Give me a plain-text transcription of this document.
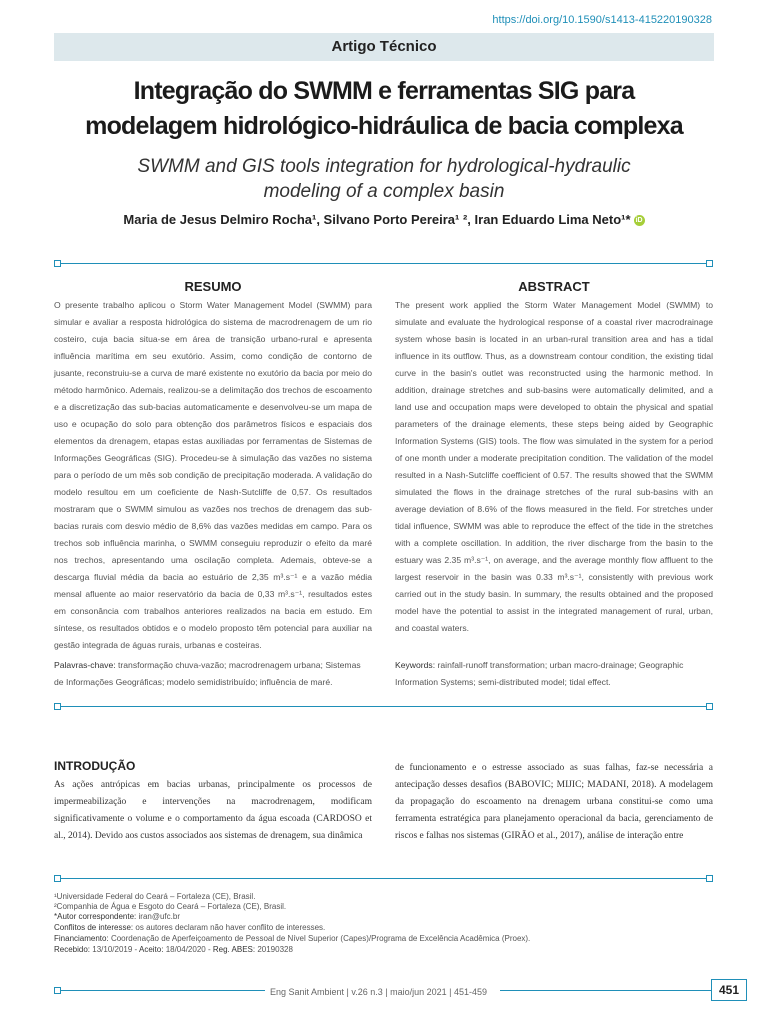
https://doi.org/10.1590/s1413-415220190328
Artigo Técnico
Integração do SWMM e ferramentas SIG para
modelagem hidrológico-hidráulica de bacia complexa
SWMM and GIS tools integration for hydrological-hydraulic
modeling of a complex basin
Maria de Jesus Delmiro Rocha¹, Silvano Porto Pereira¹ ², Iran Eduardo Lima Neto¹* iD
RESUMO

O presente trabalho aplicou o Storm Water Management Model (SWMM) para simular e avaliar a resposta hidrológica do sistema de macrodrenagem de um rio costeiro, cuja bacia situa-se em área de transição urbano-rural e apresenta influência marítima em seu exutório. Assim, como condição de contorno de jusante, reconstruiu-se a curva de maré existente no exutório da bacia por meio do método harmônico. Ademais, realizou-se a delimitação dos trechos de escoamento e a discretização das sub-bacias automaticamente e desenvolveu-se um mapa de uso e ocupação do solo para obtenção dos parâmetros físicos e espaciais dos elementos da drenagem, etapas estas auxiliadas por ferramentas de Sistemas de Informações Geográficas (SIG). Procedeu-se à simulação das vazões no sistema para o período de um mês sob condição de precipitação moderada. A validação do modelo resultou em um coeficiente de Nash-Sutcliffe de 0,57. Os resultados mostraram que o SWMM simulou as vazões nos trechos de drenagem das sub-bacias rurais com desvio médio de 8,6% das vazões medidas em campo. Para os trechos sob influência marinha, o SWMM conseguiu reproduzir o efeito da maré nos trechos, apresentando uma oscilação completa. Ademais, obteve-se a descarga fluvial média da bacia ao estuário de 2,35 m³.s⁻¹ e a vazão média mensal afluente ao maior reservatório da bacia de 0,33 m³.s⁻¹, resultados estes em consonância com trabalhos anteriores realizados na bacia em estudo. Em síntese, os resultados obtidos e o modelo proposto têm potencial para auxiliar na gestão integrada de águas rurais, urbanas e costeiras.

Palavras-chave: transformação chuva-vazão; macrodrenagem urbana; Sistemas de Informações Geográficas; modelo semidistribuído; influência de maré.

ABSTRACT

The present work applied the Storm Water Management Model (SWMM) to simulate and evaluate the hydrological response of a coastal river macrodrainage system whose basin is located in an urban-rural transition area and has a tidal influence in its outflow. Thus, as a downstream contour condition, the existing tidal curve in the basin's outlet was reconstructed using the harmonic method. In addition, drainage stretches and sub-basins were automatically delimited, and a land use and occupation maps were developed to obtain the physical and spatial parameters of the drainage elements, these steps being aided by Geographic Information Systems (GIS) tools. The flow was simulated in the system for a period of one month under a moderate precipitation condition. The validation of the model resulted in a Nash-Sutcliffe coefficient of 0.57. The results showed that the SWMM simulated the flows in the drainage stretches of the rural sub-basins with an average deviation of 8.6% of the flows measured in the field. For stretches under tidal influence, SWMM was able to reproduce the effect of the tide in the stretches with a complete oscillation. In addition, the river discharge from the basin to the estuary was 2.35 m³.s⁻¹, on average, and the average monthly flow affluent to the largest reservoir in the basin was 0.33 m³.s⁻¹, consistently with previous work carried out in the study basin. In summary, the results obtained and the proposed model have the potential to assist in the integrated management of rural, urban, and coastal waters.

Keywords: rainfall-runoff transformation; urban macro-drainage; Geographic Information Systems; semi-distributed model; tidal effect.

INTRODUÇÃO

As ações antrópicas em bacias urbanas, principalmente os processos de impermeabilização e intervenções na macrodrenagem, modificam significativamente o volume e o comportamento da água escoada (CARDOSO et al., 2014). Devido aos custos associados aos sistemas de drenagem, sua dinâmica

de funcionamento e o estresse associado as suas falhas, faz-se necessária a antecipação desses desafios (BABOVIC; MIJIC; MADANI, 2018). A modelagem da propagação do escoamento na drenagem urbana constitui-se como uma ferramenta estratégica para planejamento operacional da bacia, gerenciamento de riscos e falhas nos sistemas (GIRÃO et al., 2017), análise de interação entre

¹Universidade Federal do Ceará – Fortaleza (CE), Brasil.
²Companhia de Água e Esgoto do Ceará – Fortaleza (CE), Brasil.
*Autor correspondente: iran@ufc.br
Conflitos de interesse: os autores declaram não haver conflito de interesses.
Financiamento: Coordenação de Aperfeiçoamento de Pessoal de Nível Superior (Capes)/Programa de Excelência Acadêmica (Proex).
Recebido: 13/10/2019 - Aceito: 18/04/2020 - Reg. ABES: 20190328
Eng Sanit Ambient | v.26 n.3 | maio/jun 2021 | 451-459	451
